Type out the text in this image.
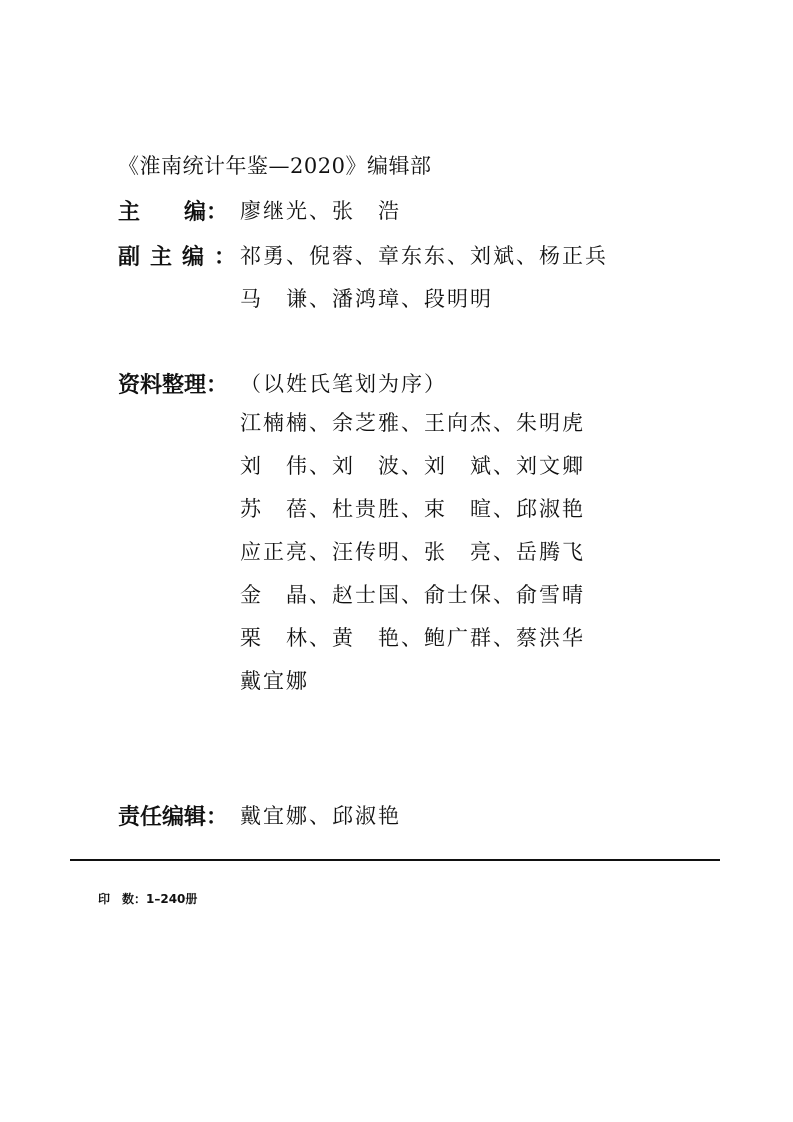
《淮南统计年鉴—2020》编辑部
主 编： 廖继光、张　浩
副主编：
祁勇、倪蓉、章东东、刘斌、杨正兵
马　谦、潘鸿璋、段明明
资料整理： （以姓氏笔划为序）
江楠楠、余芝雅、王向杰、朱明虎
刘　伟、刘　波、刘　斌、刘文卿
苏　蓓、杜贵胜、束　暄、邱淑艳
应正亮、汪传明、张　亮、岳腾飞
金　晶、赵士国、俞士保、俞雪晴
栗　林、黄　艳、鲍广群、蔡洪华
戴宜娜
责任编辑： 戴宜娜、邱淑艳
印　数：1–240册
